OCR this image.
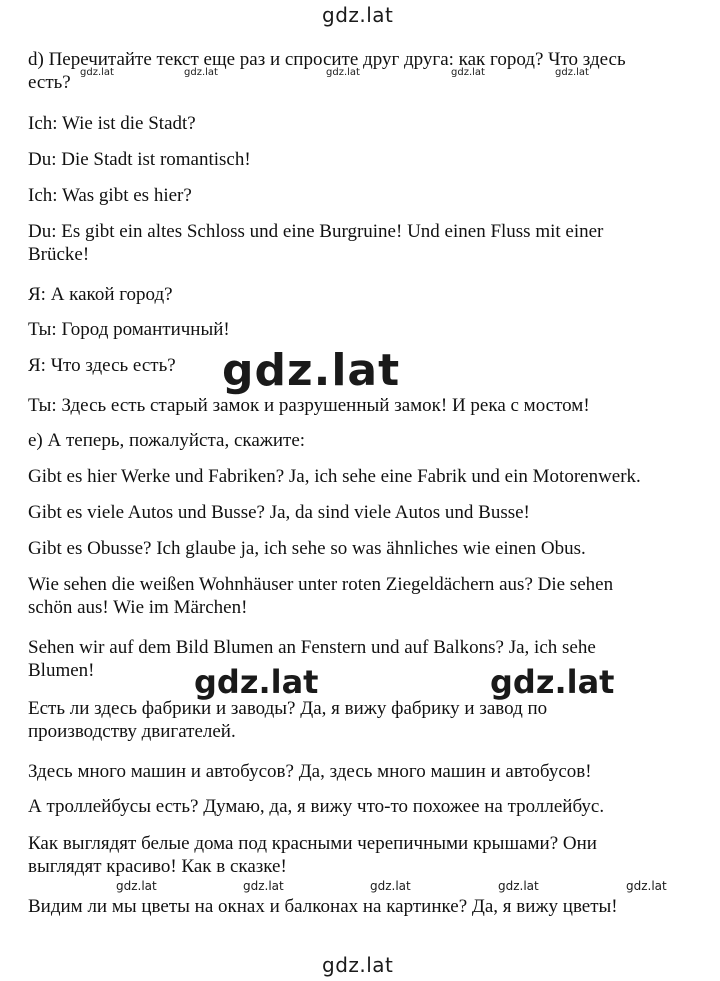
gdz.lat

d) Перечитайте текст еще раз и спросите друг друга: как город? Что здесь
есть? gdz.lat	gdz.lat	gdz.lat	gdz.lat	gdz.lat

Ich: Wie ist die Stadt?

Du: Die Stadt ist romantisch!

Ich: Was gibt es hier?

Du: Es gibt ein altes Schloss und eine Burgruine! Und einen Fluss mit einer
Brücke!

Я: А какой город?

Ты: Город романтичный!

Я: Что здесь есть?	gdz.lat

Ты: Здесь есть старый замок и разрушенный замок! И река с мостом!

e) А теперь, пожалуйста, скажите:

Gibt es hier Werke und Fabriken? Ja, ich sehe eine Fabrik und ein Motorenwerk.

Gibt es viele Autos und Busse? Ja, da sind viele Autos und Busse!

Gibt es Obusse? Ich glaube ja, ich sehe so was ähnliches wie einen Obus.

Wie sehen die weißen Wohnhäuser unter roten Ziegeldächern aus? Die sehen
schön aus! Wie im Märchen!

Sehen wir auf dem Bild Blumen an Fenstern und auf Balkons? Ja, ich sehe
Blumen!	gdz.lat	gdz.lat

Есть ли здесь фабрики и заводы? Да, я вижу фабрику и завод по
производству двигателей.

Здесь много машин и автобусов? Да, здесь много машин и автобусов!

А троллейбусы есть? Думаю, да, я вижу что-то похожее на троллейбус.

Как выглядят белые дома под красными черепичными крышами? Они
выглядят красиво! Как в сказке!

gdz.lat	gdz.lat	gdz.lat	gdz.lat	gdz.lat

Видим ли мы цветы на окнах и балконах на картинке? Да, я вижу цветы!

gdz.lat
